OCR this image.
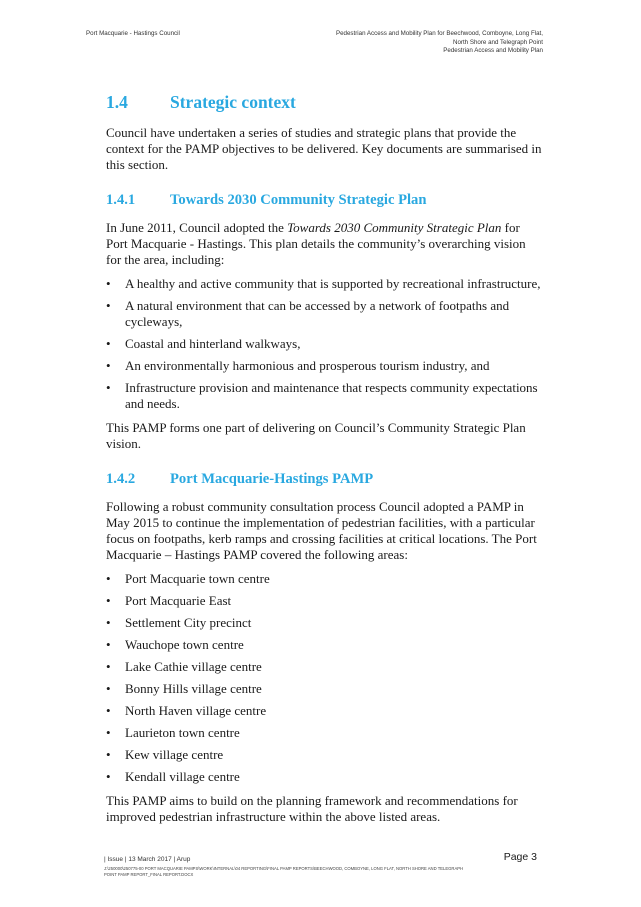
Port Macquarie - Hastings Council	Pedestrian Access and Mobility Plan for Beechwood, Comboyne, Long Flat,
North Shore and Telegraph Point
Pedestrian Access and Mobility Plan
1.4	Strategic context

Council have undertaken a series of studies and strategic plans that provide the context for the PAMP objectives to be delivered. Key documents are summarised in this section.

1.4.1	Towards 2030 Community Strategic Plan

In June 2011, Council adopted the Towards 2030 Community Strategic Plan for Port Macquarie - Hastings. This plan details the community’s overarching vision for the area, including:

• A healthy and active community that is supported by recreational infrastructure,
• A natural environment that can be accessed by a network of footpaths and cycleways,
• Coastal and hinterland walkways,
• An environmentally harmonious and prosperous tourism industry, and
• Infrastructure provision and maintenance that respects community expectations and needs.

This PAMP forms one part of delivering on Council’s Community Strategic Plan vision.

1.4.2	Port Macquarie-Hastings PAMP

Following a robust community consultation process Council adopted a PAMP in May 2015 to continue the implementation of pedestrian facilities, with a particular focus on footpaths, kerb ramps and crossing facilities at critical locations. The Port Macquarie – Hastings PAMP covered the following areas:

• Port Macquarie town centre
• Port Macquarie East
• Settlement City precinct
• Wauchope town centre
• Lake Cathie village centre
• Bonny Hills village centre
• North Haven village centre
• Laurieton town centre
• Kew village centre
• Kendall village centre

This PAMP aims to build on the planning framework and recommendations for improved pedestrian infrastructure within the above listed areas.

| Issue | 13 March 2017 | Arup	Page 3
J:\250000\250775-00 PORT MACQUARIE PAMPS\WORK\INTERNAL\04 REPORTING\FINAL PAMP REPORTS\BEECHWOOD, COMBOYNE, LONG FLAT, NORTH SHORE AND TELEGRAPH POINT PAMP REPORT_FINAL REPORT.DOCX
